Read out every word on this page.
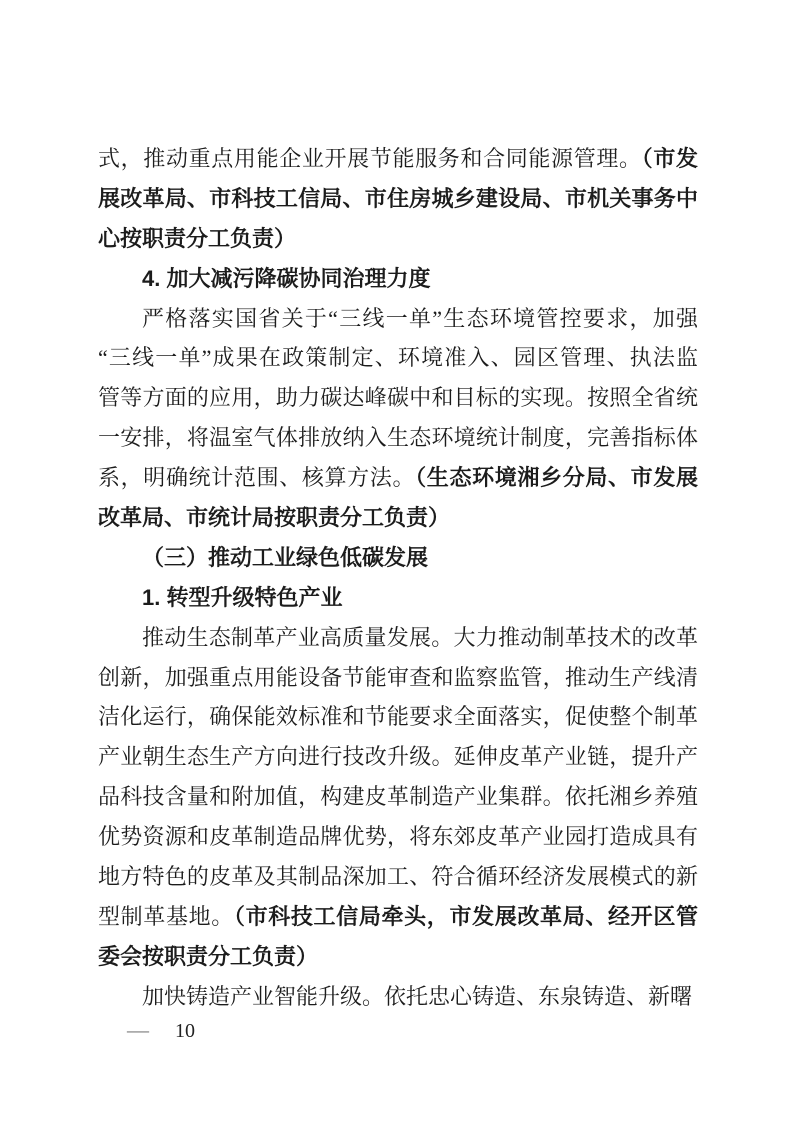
式，推动重点用能企业开展节能服务和合同能源管理。（市发
展改革局、市科技工信局、市住房城乡建设局、市机关事务中
心按职责分工负责）
4. 加大减污降碳协同治理力度
严格落实国省关于“三线一单”生态环境管控要求，加强
“三线一单”成果在政策制定、环境准入、园区管理、执法监
管等方面的应用，助力碳达峰碳中和目标的实现。按照全省统
一安排，将温室气体排放纳入生态环境统计制度，完善指标体
系，明确统计范围、核算方法。（生态环境湘乡分局、市发展
改革局、市统计局按职责分工负责）
（三）推动工业绿色低碳发展
1. 转型升级特色产业
推动生态制革产业高质量发展。大力推动制革技术的改革
创新，加强重点用能设备节能审查和监察监管，推动生产线清
洁化运行，确保能效标准和节能要求全面落实，促使整个制革
产业朝生态生产方向进行技改升级。延伸皮革产业链，提升产
品科技含量和附加值，构建皮革制造产业集群。依托湘乡养殖
优势资源和皮革制造品牌优势，将东郊皮革产业园打造成具有
地方特色的皮革及其制品深加工、符合循环经济发展模式的新
型制革基地。（市科技工信局牵头，市发展改革局、经开区管
委会按职责分工负责）
加快铸造产业智能升级。依托忠心铸造、东泉铸造、新曙
— 10
